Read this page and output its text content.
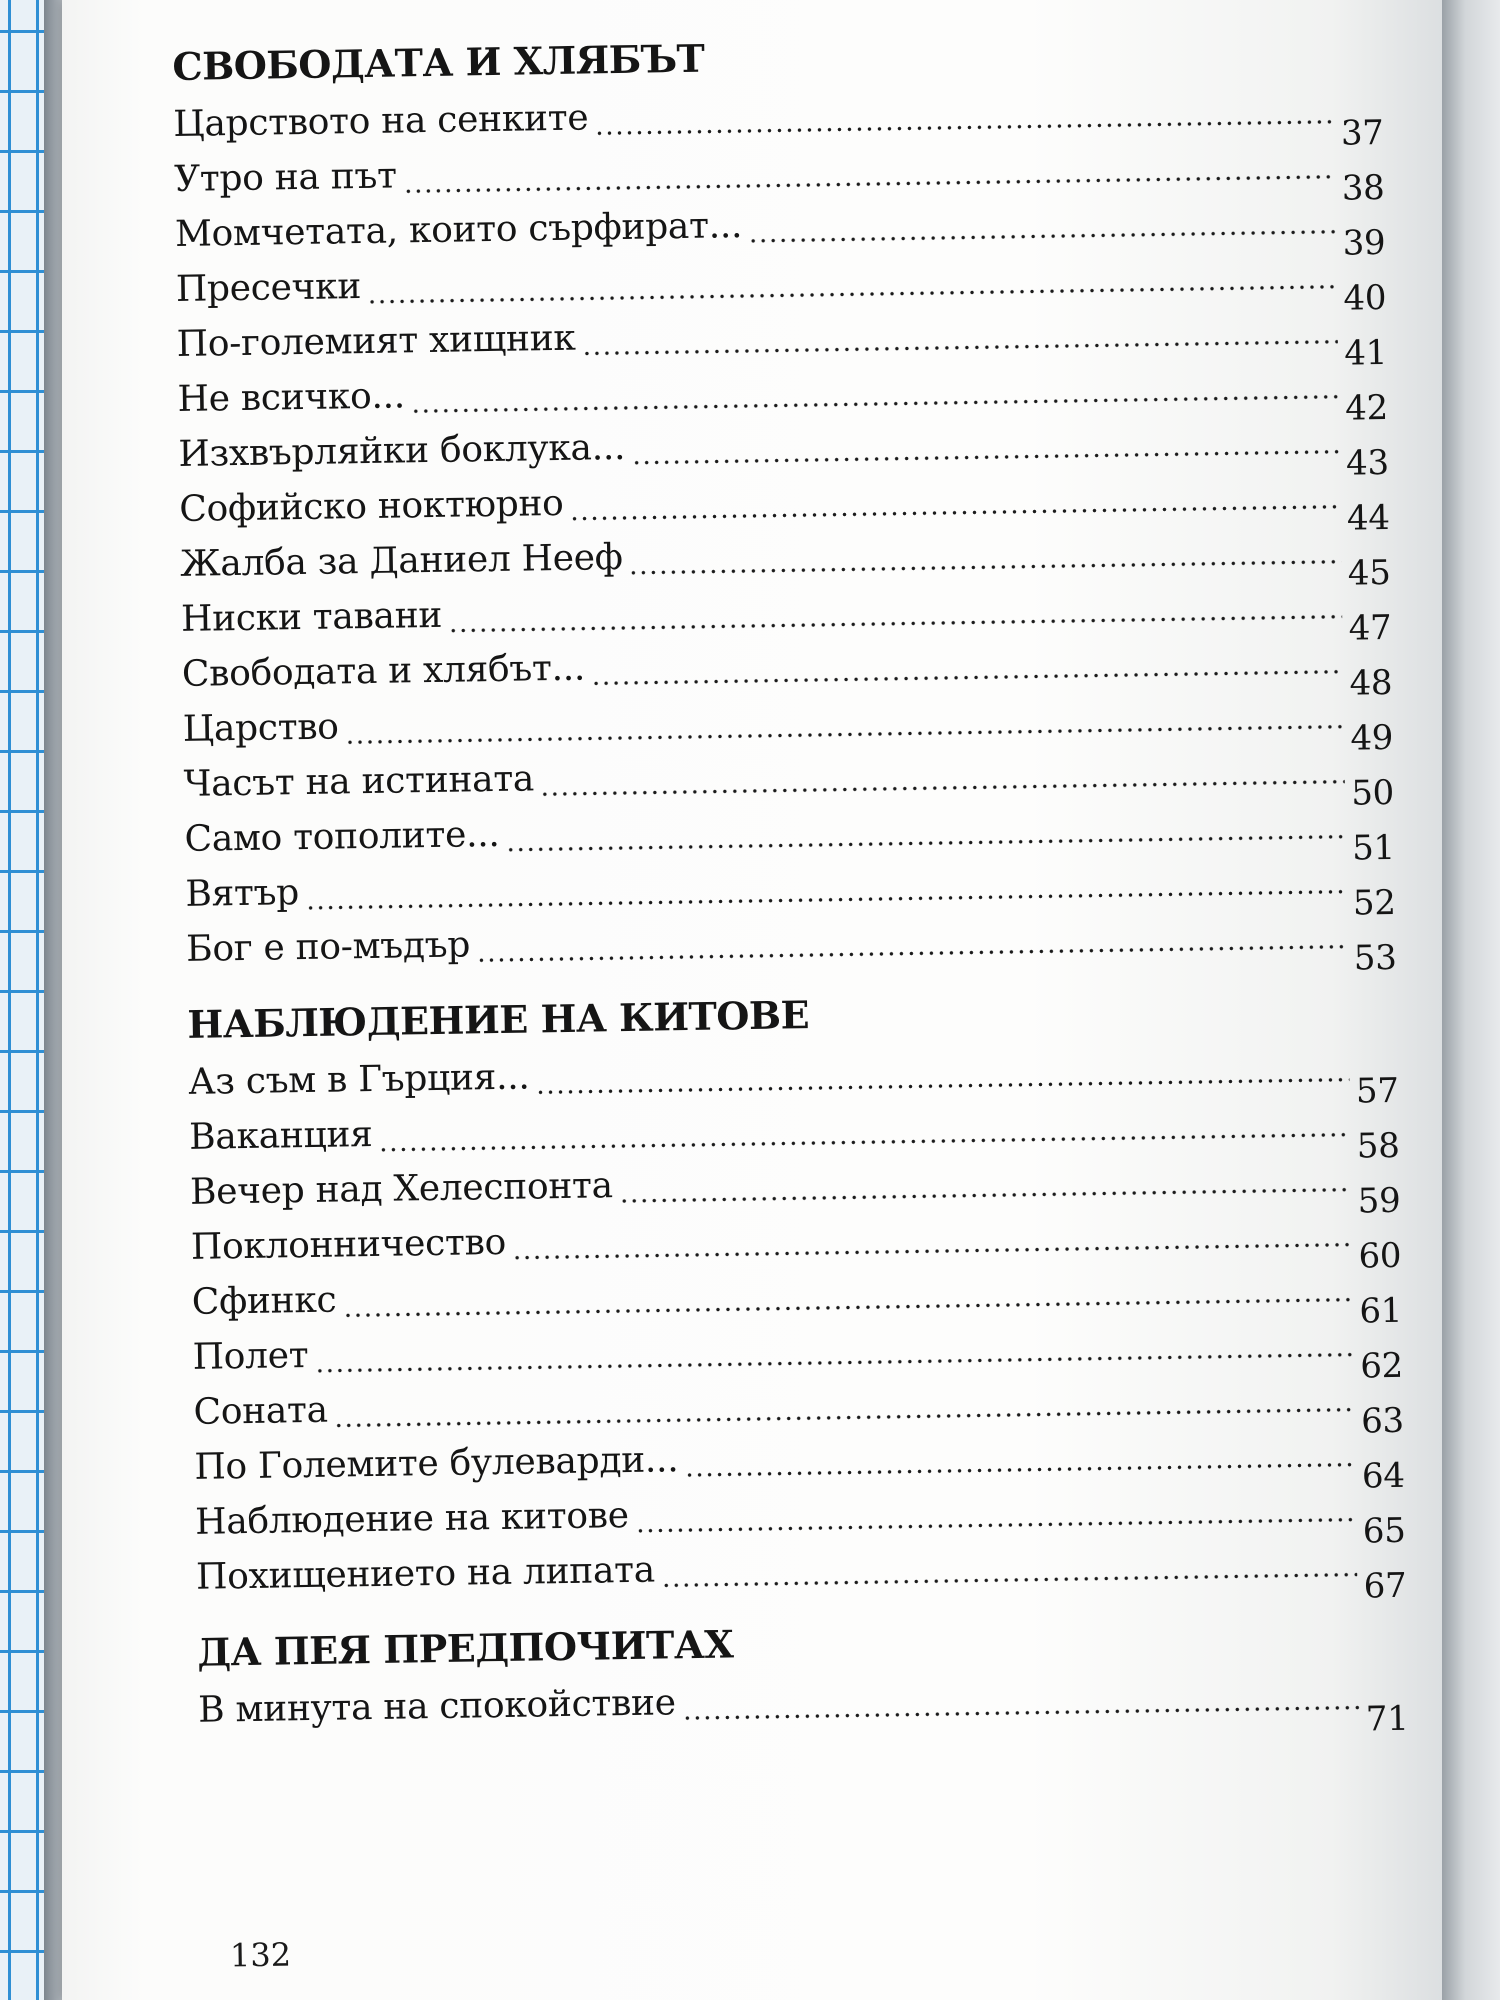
СВОБОДАТА И ХЛЯБЪТ
Царството на сенките	37
Утро на път	38
Момчетата, които сърфират...	39
Пресечки	40
По-големият хищник	41
Не всичко...	42
Изхвърляйки боклука...	43
Софийско ноктюрно	44
Жалба за Даниел Нееф	45
Ниски тавани	47
Свободата и хлябът...	48
Царство	49
Часът на истината	50
Само тополите...	51
Вятър	52
Бог е по-мъдър	53
НАБЛЮДЕНИЕ НА КИТОВЕ
Аз съм в Гърция...	57
Ваканция	58
Вечер над Хелеспонта	59
Поклонничество	60
Сфинкс	61
Полет	62
Соната	63
По Големите булеварди...	64
Наблюдение на китове	65
Похищението на липата	67
ДА ПЕЯ ПРЕДПОЧИТАХ
В минута на спокойствие	71
132
